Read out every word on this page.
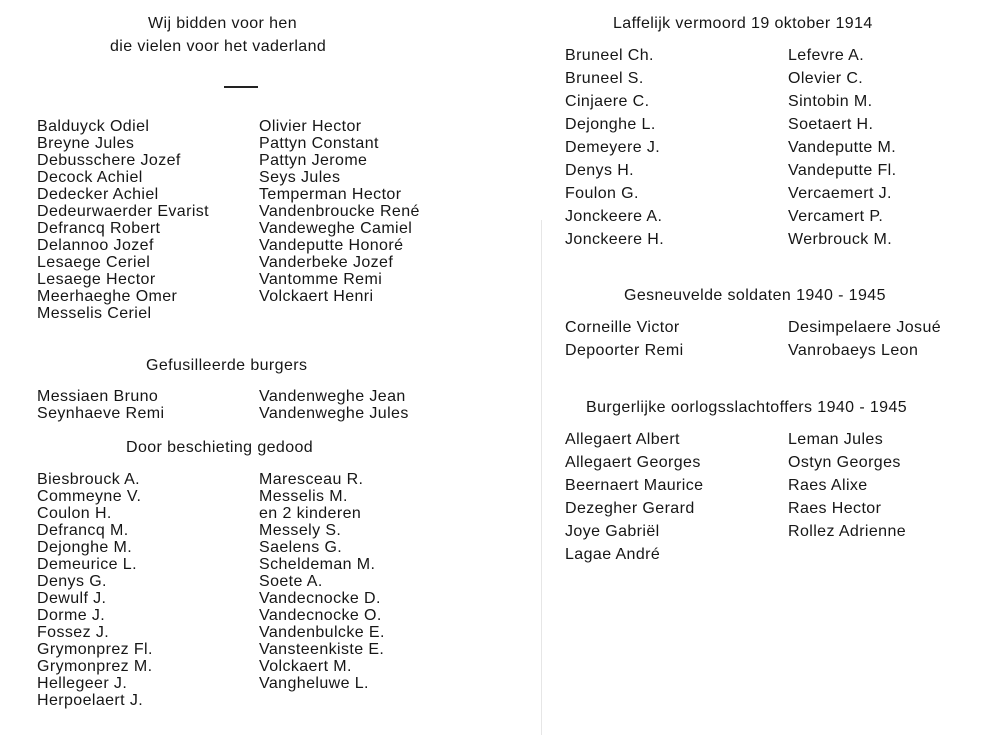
Wij bidden voor hen
die vielen voor het vaderland
Balduyck Odiel
Breyne Jules
Debusschere Jozef
Decock Achiel
Dedecker Achiel
Dedeurwaerder Evarist
Defrancq Robert
Delannoo Jozef
Lesaege Ceriel
Lesaege Hector
Meerhaeghe Omer
Messelis Ceriel
Olivier Hector
Pattyn Constant
Pattyn Jerome
Seys Jules
Temperman Hector
Vandenbroucke René
Vandeweghe Camiel
Vandeputte Honoré
Vanderbeke Jozef
Vantomme Remi
Volckaert Henri
Gefusilleerde burgers
Messiaen Bruno
Seynhaeve Remi
Vandenweghe Jean
Vandenweghe Jules
Door beschieting gedood
Biesbrouck A.
Commeyne V.
Coulon H.
Defrancq M.
Dejonghe M.
Demeurice L.
Denys G.
Dewulf J.
Dorme J.
Fossez J.
Grymonprez Fl.
Grymonprez M.
Hellegeer J.
Herpoelaert J.
Maresceau R.
Messelis M.
en 2 kinderen
Messely S.
Saelens G.
Scheldeman M.
Soete A.
Vandecnocke D.
Vandecnocke O.
Vandenbulcke E.
Vansteenkiste E.
Volckaert M.
Vangheluwe L.
Laffelijk vermoord 19 oktober 1914
Bruneel Ch.
Bruneel S.
Cinjaere C.
Dejonghe L.
Demeyere J.
Denys H.
Foulon G.
Jonckeere A.
Jonckeere H.
Lefevre A.
Olevier C.
Sintobin M.
Soetaert H.
Vandeputte M.
Vandeputte Fl.
Vercaemert J.
Vercamert P.
Werbrouck M.
Gesneuvelde soldaten 1940 - 1945
Corneille Victor
Depoorter Remi
Desimpelaere Josué
Vanrobaeys Leon
Burgerlijke oorlogsslachtoffers 1940 - 1945
Allegaert Albert
Allegaert Georges
Beernaert Maurice
Dezegher Gerard
Joye Gabriël
Lagae André
Leman Jules
Ostyn Georges
Raes Alixe
Raes Hector
Rollez Adrienne
